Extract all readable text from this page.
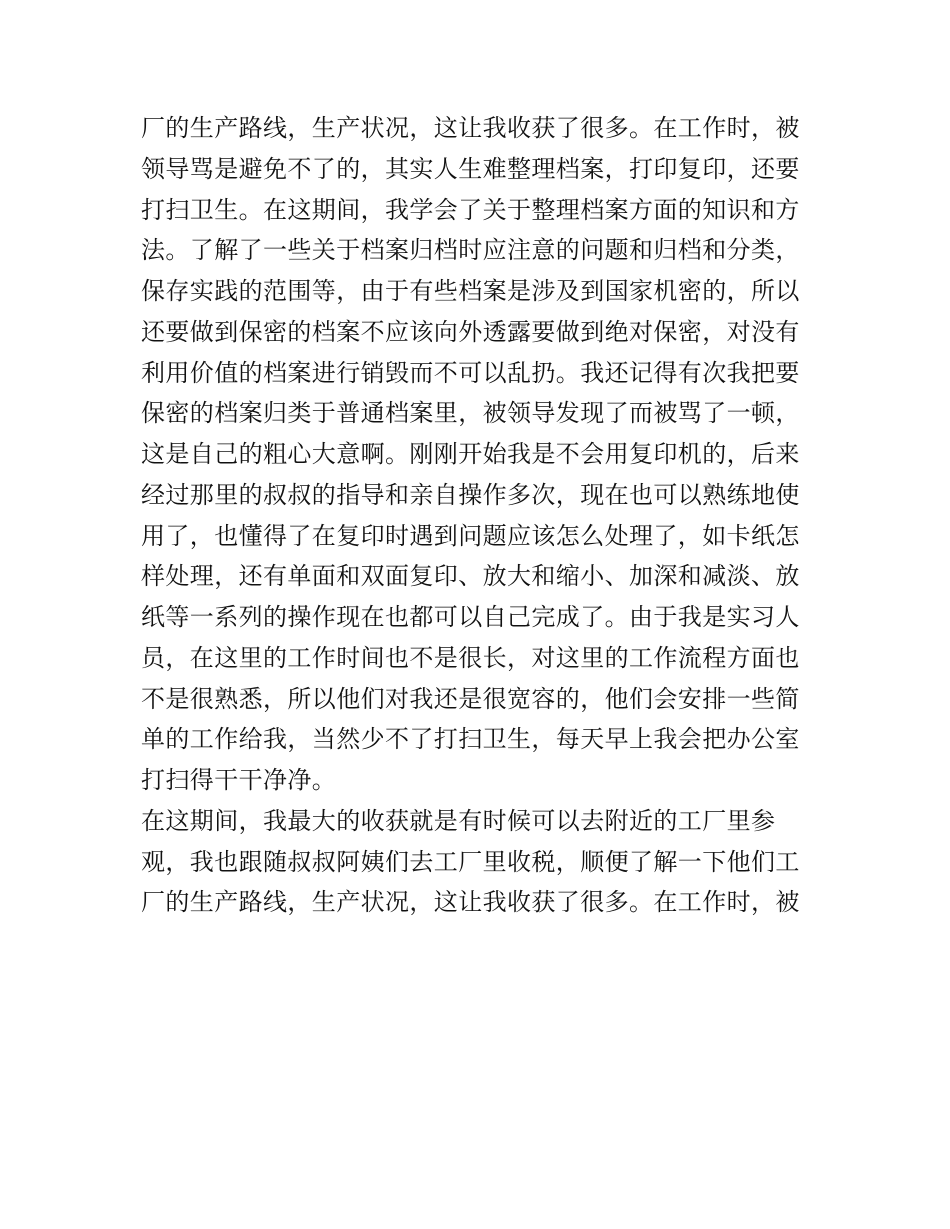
厂的生产路线，生产状况，这让我收获了很多。在工作时，被
领导骂是避免不了的，其实人生难整理档案，打印复印，还要
打扫卫生。在这期间，我学会了关于整理档案方面的知识和方
法。了解了一些关于档案归档时应注意的问题和归档和分类，
保存实践的范围等，由于有些档案是涉及到国家机密的，所以
还要做到保密的档案不应该向外透露要做到绝对保密，对没有
利用价值的档案进行销毁而不可以乱扔。我还记得有次我把要
保密的档案归类于普通档案里，被领导发现了而被骂了一顿，
这是自己的粗心大意啊。刚刚开始我是不会用复印机的，后来
经过那里的叔叔的指导和亲自操作多次，现在也可以熟练地使
用了，也懂得了在复印时遇到问题应该怎么处理了，如卡纸怎
样处理，还有单面和双面复印、放大和缩小、加深和减淡、放
纸等一系列的操作现在也都可以自己完成了。由于我是实习人
员，在这里的工作时间也不是很长，对这里的工作流程方面也
不是很熟悉，所以他们对我还是很宽容的，他们会安排一些简
单的工作给我，当然少不了打扫卫生，每天早上我会把办公室
打扫得干干净净。
在这期间，我最大的收获就是有时候可以去附近的工厂里参
观，我也跟随叔叔阿姨们去工厂里收税，顺便了解一下他们工
厂的生产路线，生产状况，这让我收获了很多。在工作时，被
